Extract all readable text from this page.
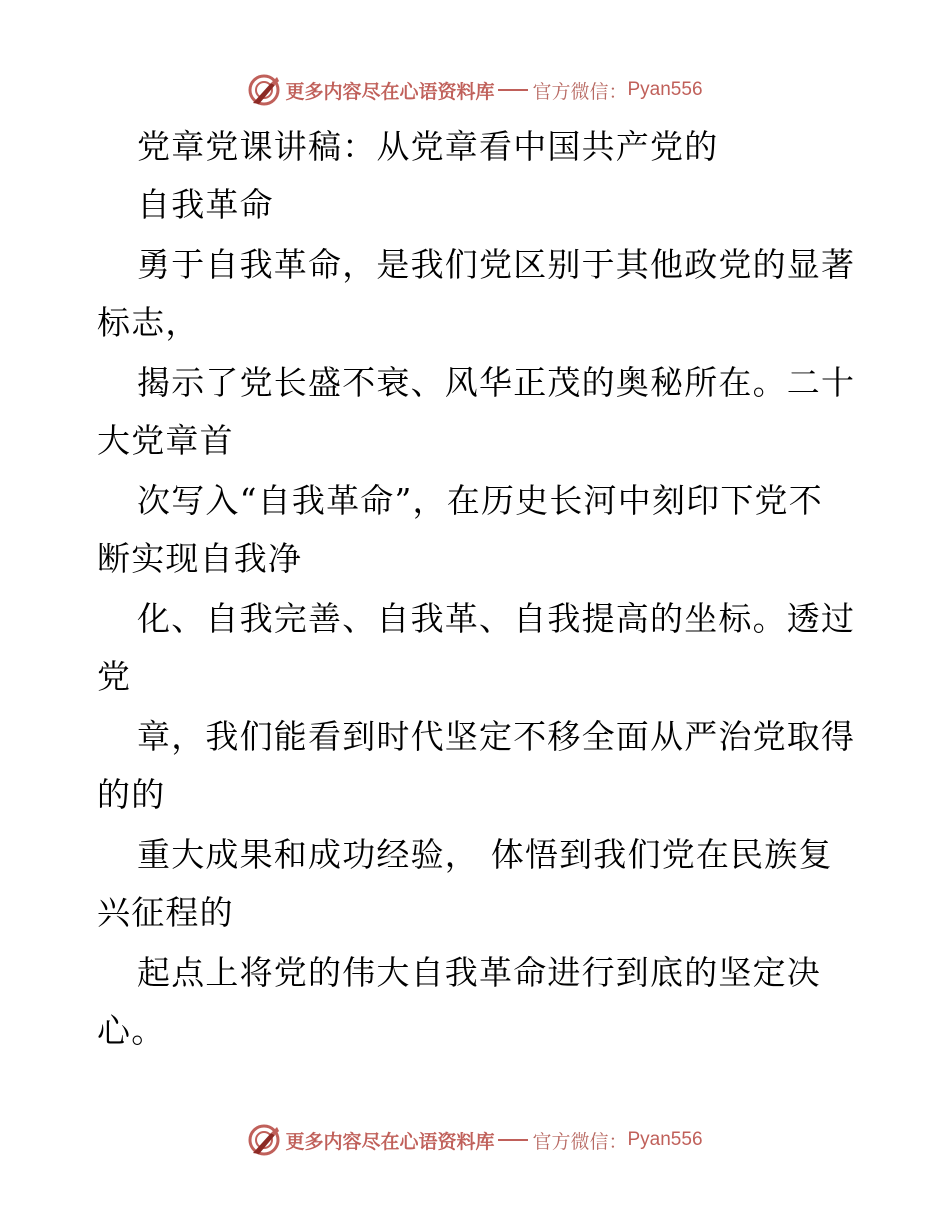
更多内容尽在心语资料库 官方微信： Pyan556
党章党课讲稿：从党章看中国共产党的
自我革命
勇于自我革命，是我们党区别于其他政党的显著
标志，
揭示了党长盛不衰、风华正茂的奥秘所在。二十
大党章首
次写入“自我革命”，在历史长河中刻印下党不
断实现自我净
化、自我完善、自我革、自我提高的坐标。透过
党
章，我们能看到时代坚定不移全面从严治党取得
的的
重大成果和成功经验， 体悟到我们党在民族复
兴征程的
起点上将党的伟大自我革命进行到底的坚定决
心。
更多内容尽在心语资料库 官方微信： Pyan556
